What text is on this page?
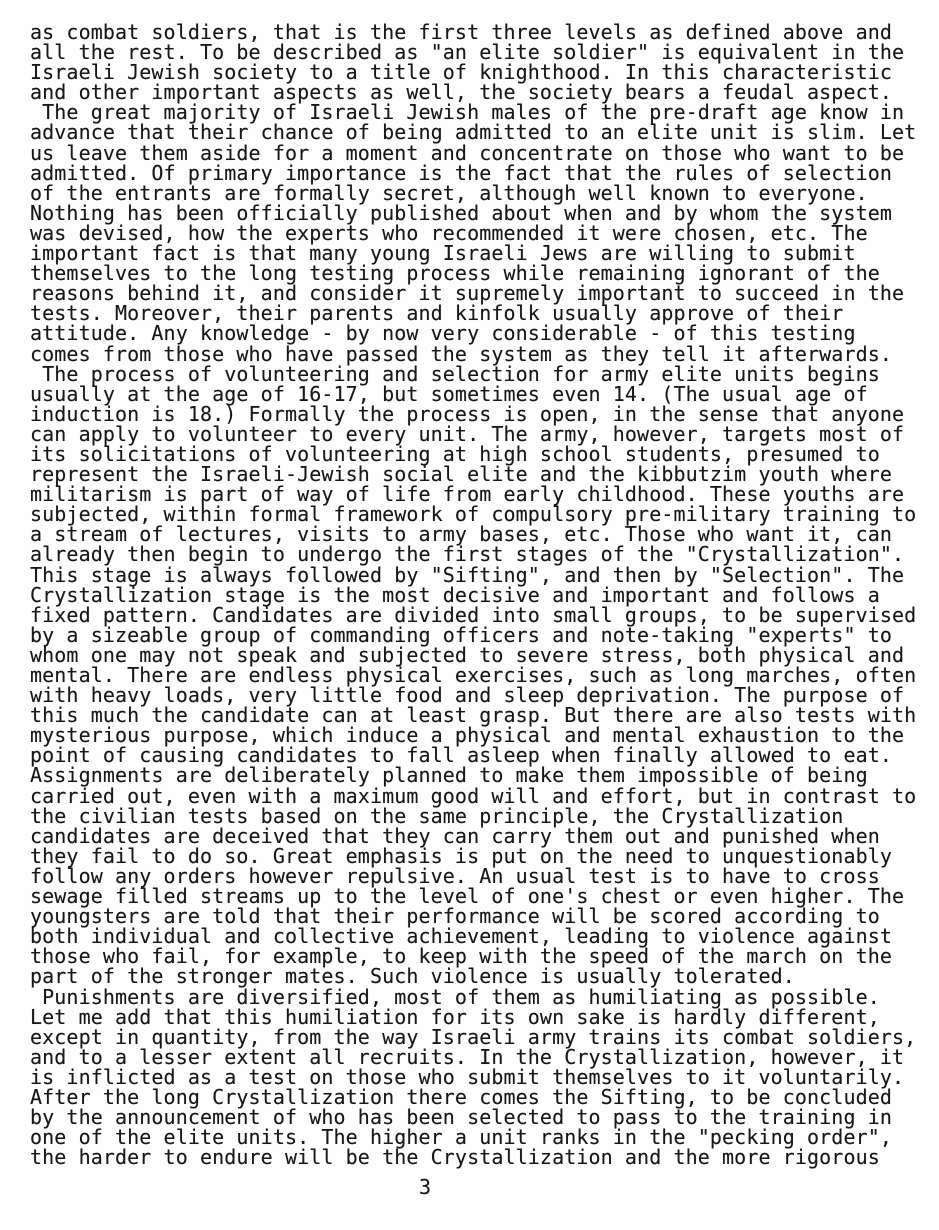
as combat soldiers, that is the first three levels as defined above and
all the rest. To be described as "an elite soldier" is equivalent in the
Israeli Jewish society to a title of knighthood. In this characteristic
and other important aspects as well, the society bears a feudal aspect.
The great majority of Israeli Jewish males of the pre-draft age know in
advance that their chance of being admitted to an elite unit is slim. Let
us leave them aside for a moment and concentrate on those who want to be
admitted. Of primary importance is the fact that the rules of selection
of the entrants are formally secret, although well known to everyone.
Nothing has been officially published about when and by whom the system
was devised, how the experts who recommended it were chosen, etc. The
important fact is that many young Israeli Jews are willing to submit
themselves to the long testing process while remaining ignorant of the
reasons behind it, and consider it supremely important to succeed in the
tests. Moreover, their parents and kinfolk usually approve of their
attitude. Any knowledge - by now very considerable - of this testing
comes from those who have passed the system as they tell it afterwards.
The process of volunteering and selection for army elite units begins
usually at the age of 16-17, but sometimes even 14. (The usual age of
induction is 18.) Formally the process is open, in the sense that anyone
can apply to volunteer to every unit. The army, however, targets most of
its solicitations of volunteering at high school students, presumed to
represent the Israeli-Jewish social elite and the kibbutzim youth where
militarism is part of way of life from early childhood. These youths are
subjected, within formal framework of compulsory pre-military training to
a stream of lectures, visits to army bases, etc. Those who want it, can
already then begin to undergo the first stages of the "Crystallization".
This stage is always followed by "Sifting", and then by "Selection". The
Crystallization stage is the most decisive and important and follows a
fixed pattern. Candidates are divided into small groups, to be supervised
by a sizeable group of commanding officers and note-taking "experts" to
whom one may not speak and subjected to severe stress, both physical and
mental. There are endless physical exercises, such as long marches, often
with heavy loads, very little food and sleep deprivation. The purpose of
this much the candidate can at least grasp. But there are also tests with
mysterious purpose, which induce a physical and mental exhaustion to the
point of causing candidates to fall asleep when finally allowed to eat.
Assignments are deliberately planned to make them impossible of being
carried out, even with a maximum good will and effort, but in contrast to
the civilian tests based on the same principle, the Crystallization
candidates are deceived that they can carry them out and punished when
they fail to do so. Great emphasis is put on the need to unquestionably
follow any orders however repulsive. An usual test is to have to cross
sewage filled streams up to the level of one's chest or even higher. The
youngsters are told that their performance will be scored according to
both individual and collective achievement, leading to violence against
those who fail, for example, to keep with the speed of the march on the
part of the stronger mates. Such violence is usually tolerated.
Punishments are diversified, most of them as humiliating as possible.
Let me add that this humiliation for its own sake is hardly different,
except in quantity, from the way Israeli army trains its combat soldiers,
and to a lesser extent all recruits. In the Crystallization, however, it
is inflicted as a test on those who submit themselves to it voluntarily.
After the long Crystallization there comes the Sifting, to be concluded
by the announcement of who has been selected to pass to the training in
one of the elite units. The higher a unit ranks in the "pecking order",
the harder to endure will be the Crystallization and the more rigorous
3
